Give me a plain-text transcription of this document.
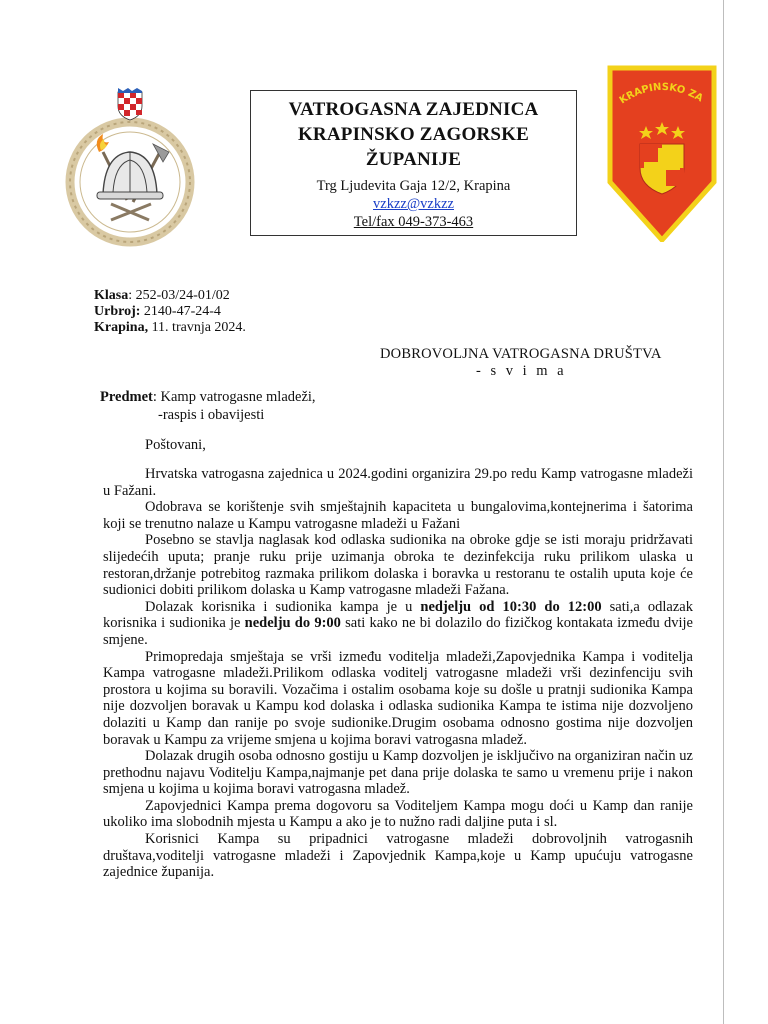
VATROGASNA ZAJEDNICA
KRAPINSKO ZAGORSKE
ŽUPANIJE
Trg Ljudevita Gaja 12/2, Krapina
vzkzz@vzkzz
Tel/fax 049-373-463
KRAPINSKO ZA
Klasa: 252-03/24-01/02
Urbroj: 2140-47-24-4
Krapina, 11. travnja 2024.
DOBROVOLJNA VATROGASNA DRUŠTVA
- s v i m a
Predmet: Kamp vatrogasne mladeži,
-raspis i obavijesti
Poštovani,

Hrvatska vatrogasna zajednica u 2024.godini organizira 29.po redu Kamp vatrogasne mladeži u Fažani.

Odobrava se korištenje svih smještajnih kapaciteta u bungalovima,kontejnerima i šatorima koji se trenutno nalaze u Kampu vatrogasne mladeži u Fažani

Posebno se stavlja naglasak kod odlaska sudionika na obroke gdje se isti moraju pridržavati slijedećih uputa; pranje ruku prije uzimanja obroka te dezinfekcija ruku prilikom ulaska u restoran,držanje potrebitog razmaka prilikom dolaska i boravka u restoranu te ostalih uputa koje će sudionici dobiti prilikom dolaska u Kamp vatrogasne mladeži Fažana.

Dolazak korisnika i sudionika kampa je u nedjelju od 10:30 do 12:00 sati,a odlazak korisnika i sudionika je nedelju do 9:00 sati kako ne bi dolazilo do fizičkog kontakata između dvije smjene.

Primopredaja smještaja se vrši između voditelja mladeži,Zapovjednika Kampa i voditelja Kampa vatrogasne mladeži.Prilikom odlaska voditelj vatrogasne mladeži vrši dezinfenciju svih prostora u kojima su boravili. Vozačima i ostalim osobama koje su došle u pratnji sudionika Kampa nije dozvoljen boravak u Kampu kod dolaska i odlaska sudionika Kampa te istima nije dozvoljeno dolaziti u Kamp dan ranije po svoje sudionike.Drugim osobama odnosno gostima nije dozvoljen boravak u Kampu za vrijeme smjena u kojima boravi vatrogasna mladež.

Dolazak drugih osoba odnosno gostiju u Kamp dozvoljen je isključivo na organiziran način uz prethodnu najavu Voditelju Kampa,najmanje pet dana prije dolaska te samo u vremenu prije i nakon smjena u kojima u kojima boravi vatrogasna mladež.

Zapovjednici Kampa prema dogovoru sa Voditeljem Kampa mogu doći u Kamp dan ranije ukoliko ima slobodnih mjesta u Kampu a ako je to nužno radi daljine puta i sl.

Korisnici Kampa su pripadnici vatrogasne mladeži dobrovoljnih vatrogasnih društava,voditelji vatrogasne mladeži i Zapovjednik Kampa,koje u Kamp upućuju vatrogasne zajednice županija.
